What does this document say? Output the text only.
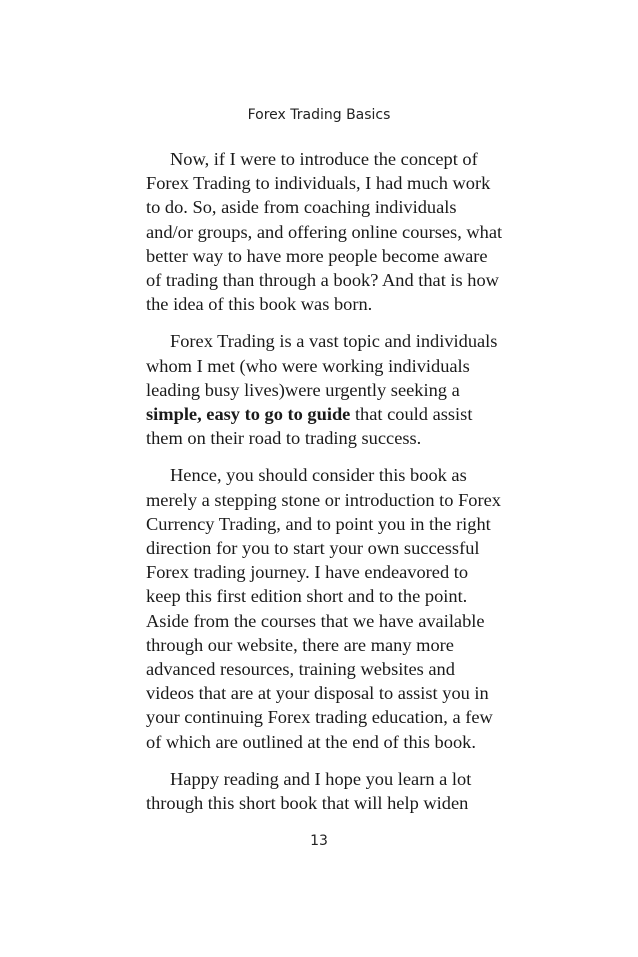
Forex Trading Basics

Now, if I were to introduce the concept of
Forex Trading to individuals, I had much work
to do. So, aside from coaching individuals
and/or groups, and offering online courses, what
better way to have more people become aware
of trading than through a book? And that is how
the idea of this book was born.

Forex Trading is a vast topic and individuals
whom I met (who were working individuals
leading busy lives)were urgently seeking a
simple, easy to go to guide that could assist
them on their road to trading success.

Hence, you should consider this book as
merely a stepping stone or introduction to Forex
Currency Trading, and to point you in the right
direction for you to start your own successful
Forex trading journey. I have endeavored to
keep this first edition short and to the point.
Aside from the courses that we have available
through our website, there are many more
advanced resources, training websites and
videos that are at your disposal to assist you in
your continuing Forex trading education, a few
of which are outlined at the end of this book.

Happy reading and I hope you learn a lot
through this short book that will help widen

13
